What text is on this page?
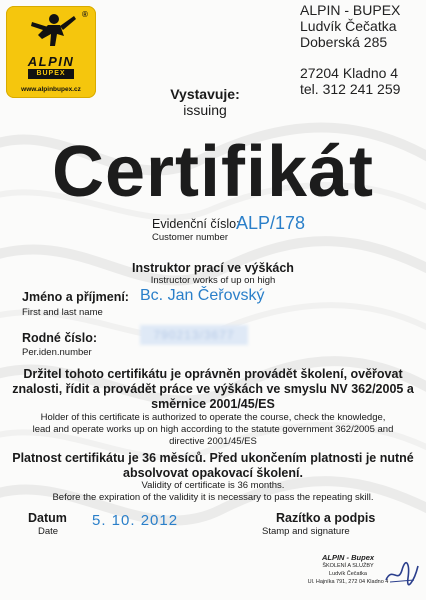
®
ALPIN
BUPEX
www.alpinbupex.cz
ALPIN - BUPEX
Ludvík Čečatka
Doberská 285
27204 Kladno 4
tel. 312 241 259
Vystavuje:
issuing
Certifikát
Evidenční číslo:
ALP/178
Customer number
Instruktor prací ve výškách
Instructor works of up on high
Jméno a příjmení: Bc. Jan Čeřovský
First and last name
Rodné číslo:	790213/3677
Per.iden.number
Držitel tohoto certifikátu je oprávněn provádět školení, ověřovat
znalosti, řídit a provádět práce ve výškách ve smyslu NV 362/2005 a
směrnice 2001/45/ES
Holder of this certificate is authorized to operate the course, check the knowledge,
lead and operate works up on high according to the statute government 362/2005 and
directive 2001/45/ES
Platnost certifikátu je 36 měsíců. Před ukončením platnosti je nutné
absolvovat opakovací školení.
Validity of certificate is 36 months.
Before the expiration of the validity it is necessary to pass the repeating skill.
Datum
Date
5. 10. 2012	Razítko a podpis
Stamp and signature
ALPIN - Bupex
ŠKOLENÍ A SLUŽBY
Ludvík Čečatka
Ul. Hajníka 791, 272 04 Kladno 4
